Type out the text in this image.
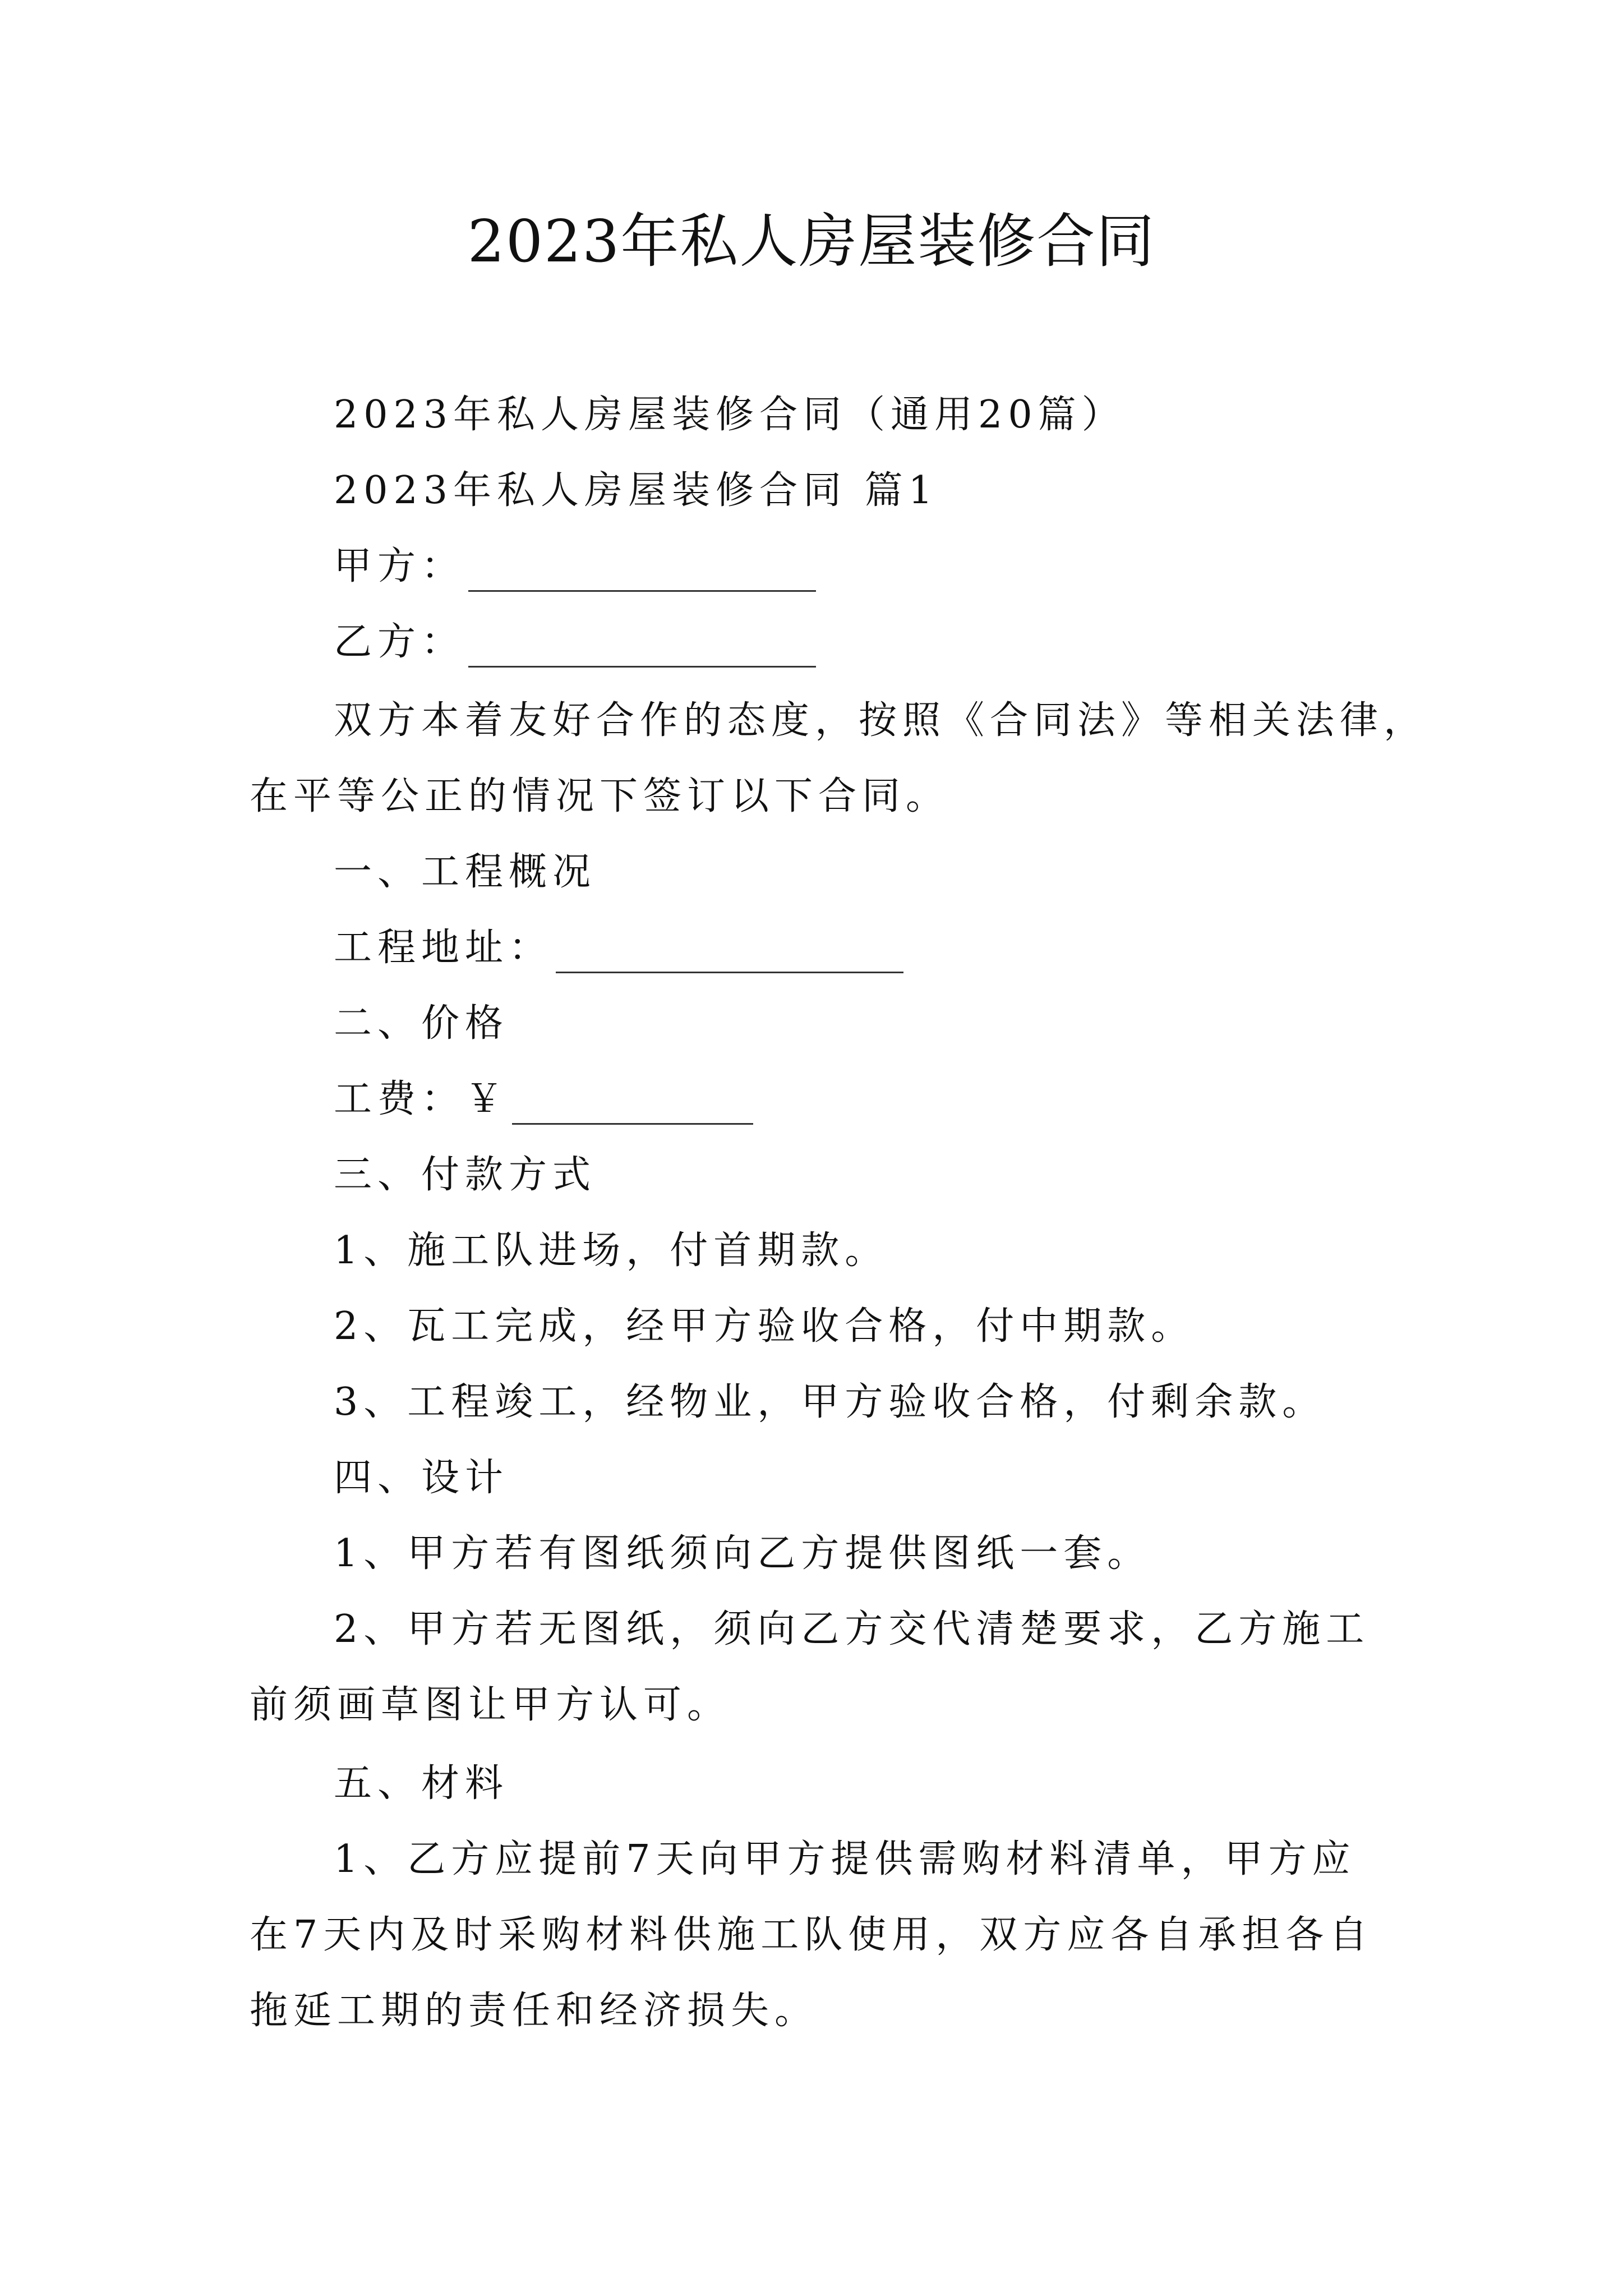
2023年私人房屋装修合同
2023年私人房屋装修合同（通用20篇）
2023年私人房屋装修合同 篇1
甲方：
乙方：
双方本着友好合作的态度，按照《合同法》等相关法律，
在平等公正的情况下签订以下合同。
一、工程概况
工程地址：
二、价格
工费：￥
三、付款方式
1、施工队进场，付首期款。
2、瓦工完成，经甲方验收合格，付中期款。
3、工程竣工，经物业，甲方验收合格，付剩余款。
四、设计
1、甲方若有图纸须向乙方提供图纸一套。
2、甲方若无图纸，须向乙方交代清楚要求，乙方施工
前须画草图让甲方认可。
五、材料
1、乙方应提前7天向甲方提供需购材料清单，甲方应
在7天内及时采购材料供施工队使用，双方应各自承担各自
拖延工期的责任和经济损失。
